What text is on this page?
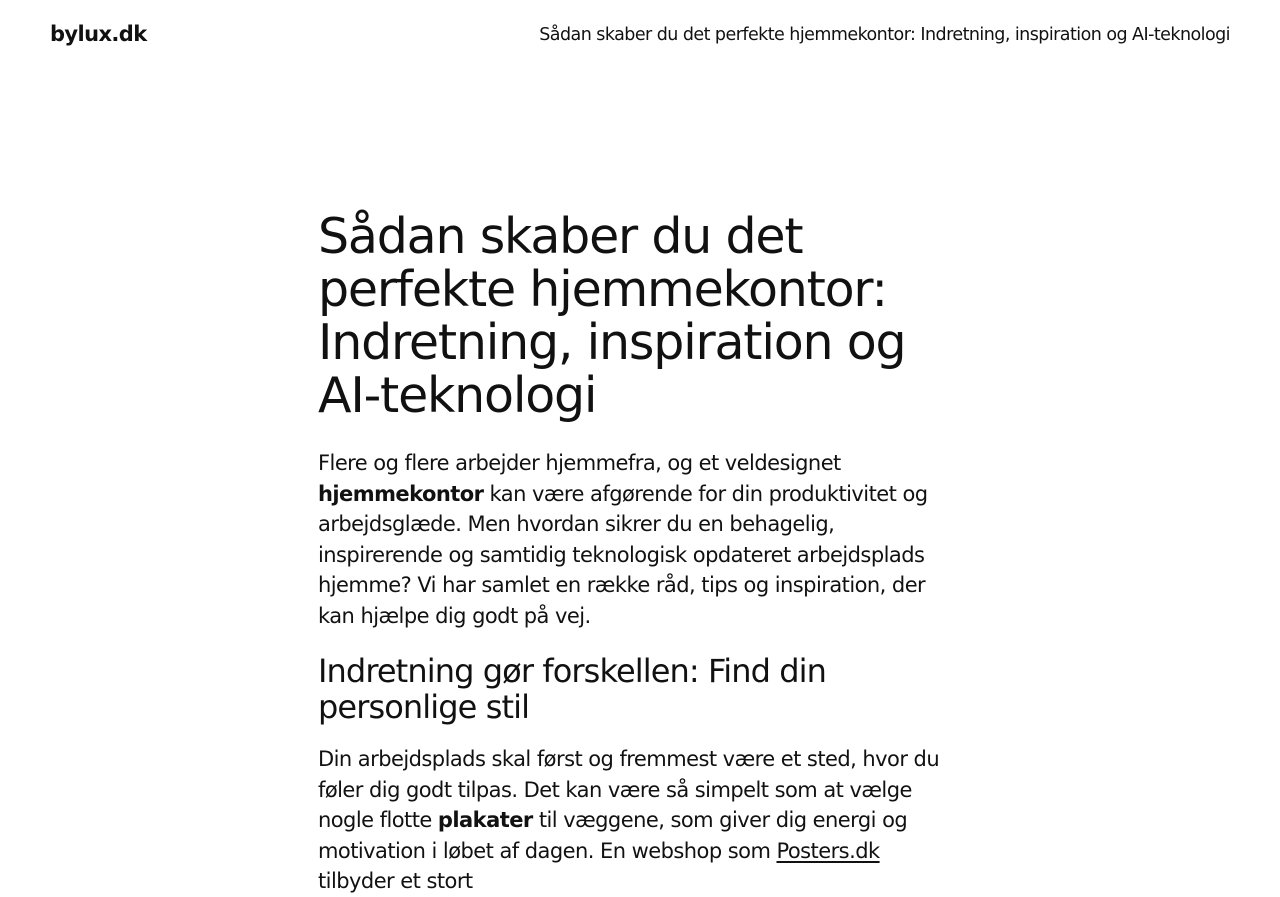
bylux.dk	Sådan skaber du det perfekte hjemmekontor: Indretning, inspiration og AI-teknologi
Sådan skaber du det perfekte hjemmekontor: Indretning, inspiration og AI-teknologi

Flere og flere arbejder hjemmefra, og et veldesignet hjemmekontor kan være afgørende for din produktivitet og arbejdsglæde. Men hvordan sikrer du en behagelig, inspirerende og samtidig teknologisk opdateret arbejdsplads hjemme? Vi har samlet en række råd, tips og inspiration, der kan hjælpe dig godt på vej.

Indretning gør forskellen: Find din personlige stil

Din arbejdsplads skal først og fremmest være et sted, hvor du føler dig godt tilpas. Det kan være så simpelt som at vælge nogle flotte plakater til væggene, som giver dig energi og motivation i løbet af dagen. En webshop som Posters.dk tilbyder et stort
